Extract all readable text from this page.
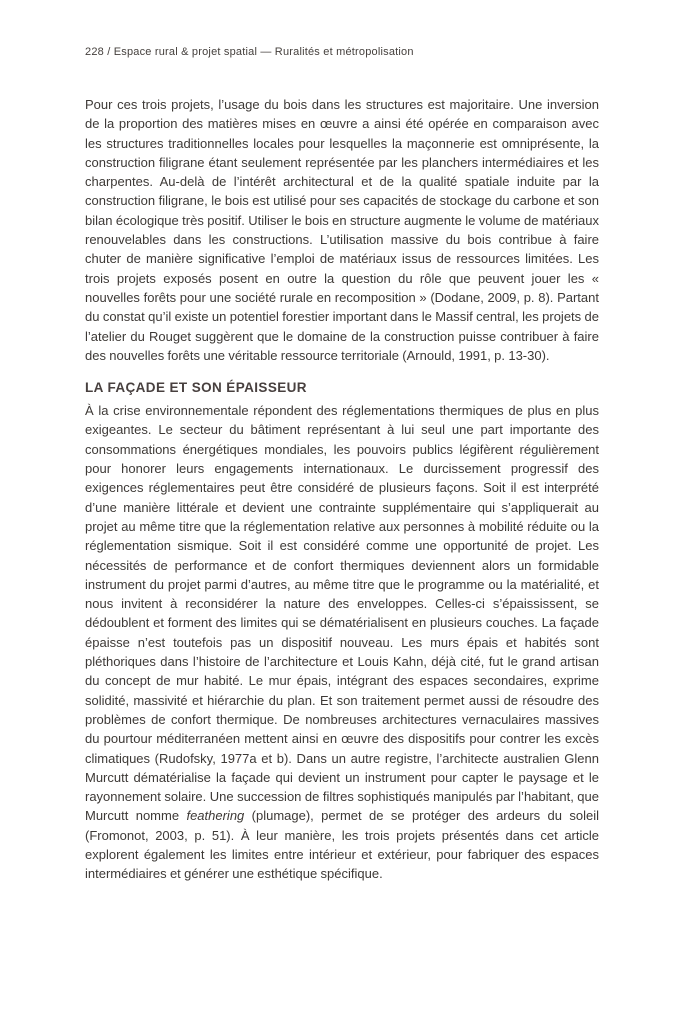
228 / Espace rural & projet spatial — Ruralités et métropolisation

Pour ces trois projets, l’usage du bois dans les structures est majoritaire. Une inversion de la proportion des matières mises en œuvre a ainsi été opérée en comparaison avec les structures traditionnelles locales pour lesquelles la maçonnerie est omniprésente, la construction filigrane étant seulement représentée par les planchers intermédiaires et les charpentes. Au-delà de l’intérêt architectural et de la qualité spatiale induite par la construction filigrane, le bois est utilisé pour ses capacités de stockage du carbone et son bilan écologique très positif. Utiliser le bois en structure augmente le volume de matériaux renouvelables dans les constructions. L’utilisation massive du bois contribue à faire chuter de manière significative l’emploi de matériaux issus de ressources limitées. Les trois projets exposés posent en outre la question du rôle que peuvent jouer les « nouvelles forêts pour une société rurale en recomposition » (Dodane, 2009, p. 8). Partant du constat qu’il existe un potentiel forestier important dans le Massif central, les projets de l’atelier du Rouget suggèrent que le domaine de la construction puisse contribuer à faire des nouvelles forêts une véritable ressource territoriale (Arnould, 1991, p. 13-30).

LA FAÇADE ET SON ÉPAISSEUR

À la crise environnementale répondent des réglementations thermiques de plus en plus exigeantes. Le secteur du bâtiment représentant à lui seul une part importante des consommations énergétiques mondiales, les pouvoirs publics légifèrent régulièrement pour honorer leurs engagements internationaux. Le durcissement progressif des exigences réglementaires peut être considéré de plusieurs façons. Soit il est interprété d’une manière littérale et devient une contrainte supplémentaire qui s’appliquerait au projet au même titre que la réglementation relative aux personnes à mobilité réduite ou la réglementation sismique. Soit il est considéré comme une opportunité de projet. Les nécessités de performance et de confort thermiques deviennent alors un formidable instrument du projet parmi d’autres, au même titre que le programme ou la matérialité, et nous invitent à reconsidérer la nature des enveloppes. Celles-ci s’épaississent, se dédoublent et forment des limites qui se dématérialisent en plusieurs couches. La façade épaisse n’est toutefois pas un dispositif nouveau. Les murs épais et habités sont pléthoriques dans l’histoire de l’architecture et Louis Kahn, déjà cité, fut le grand artisan du concept de mur habité. Le mur épais, intégrant des espaces secondaires, exprime solidité, massivité et hiérarchie du plan. Et son traitement permet aussi de résoudre des problèmes de confort thermique. De nombreuses architectures vernaculaires massives du pourtour méditerranéen mettent ainsi en œuvre des dispositifs pour contrer les excès climatiques (Rudofsky, 1977a et b). Dans un autre registre, l’architecte australien Glenn Murcutt dématérialise la façade qui devient un instrument pour capter le paysage et le rayonnement solaire. Une succession de filtres sophistiqués manipulés par l’habitant, que Murcutt nomme feathering (plumage), permet de se protéger des ardeurs du soleil (Fromonot, 2003, p. 51). À leur manière, les trois projets présentés dans cet article explorent également les limites entre intérieur et extérieur, pour fabriquer des espaces intermédiaires et générer une esthétique spécifique.
